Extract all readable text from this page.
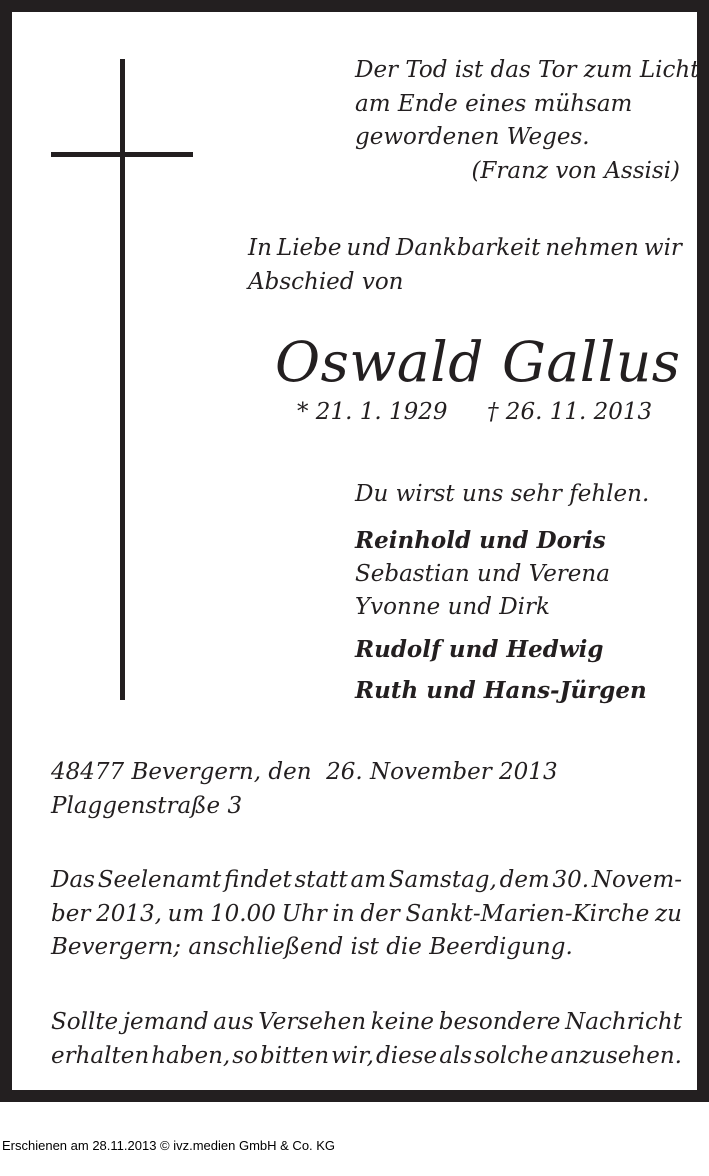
Der Tod ist das Tor zum Licht
am Ende eines mühsam
gewordenen Weges.
(Franz von Assisi)
In Liebe und Dankbarkeit nehmen wir
Abschied von
Oswald Gallus
* 21. 1. 1929 † 26. 11. 2013
Du wirst uns sehr fehlen.
Reinhold und Doris
Sebastian und Verena
Yvonne und Dirk
Rudolf und Hedwig
Ruth und Hans-Jürgen
48477 Bevergern, den  26. November 2013
Plaggenstraße 3
Das Seelenamt findet statt am Samstag, dem 30. Novem-
ber 2013, um 10.00 Uhr in der Sankt-Marien-Kirche zu
Bevergern; anschließend ist die Beerdigung.
Sollte jemand aus Versehen keine besondere Nachricht
erhalten haben, so bitten wir, diese als solche anzusehen.
Erschienen am 28.11.2013 © ivz.medien GmbH & Co. KG
